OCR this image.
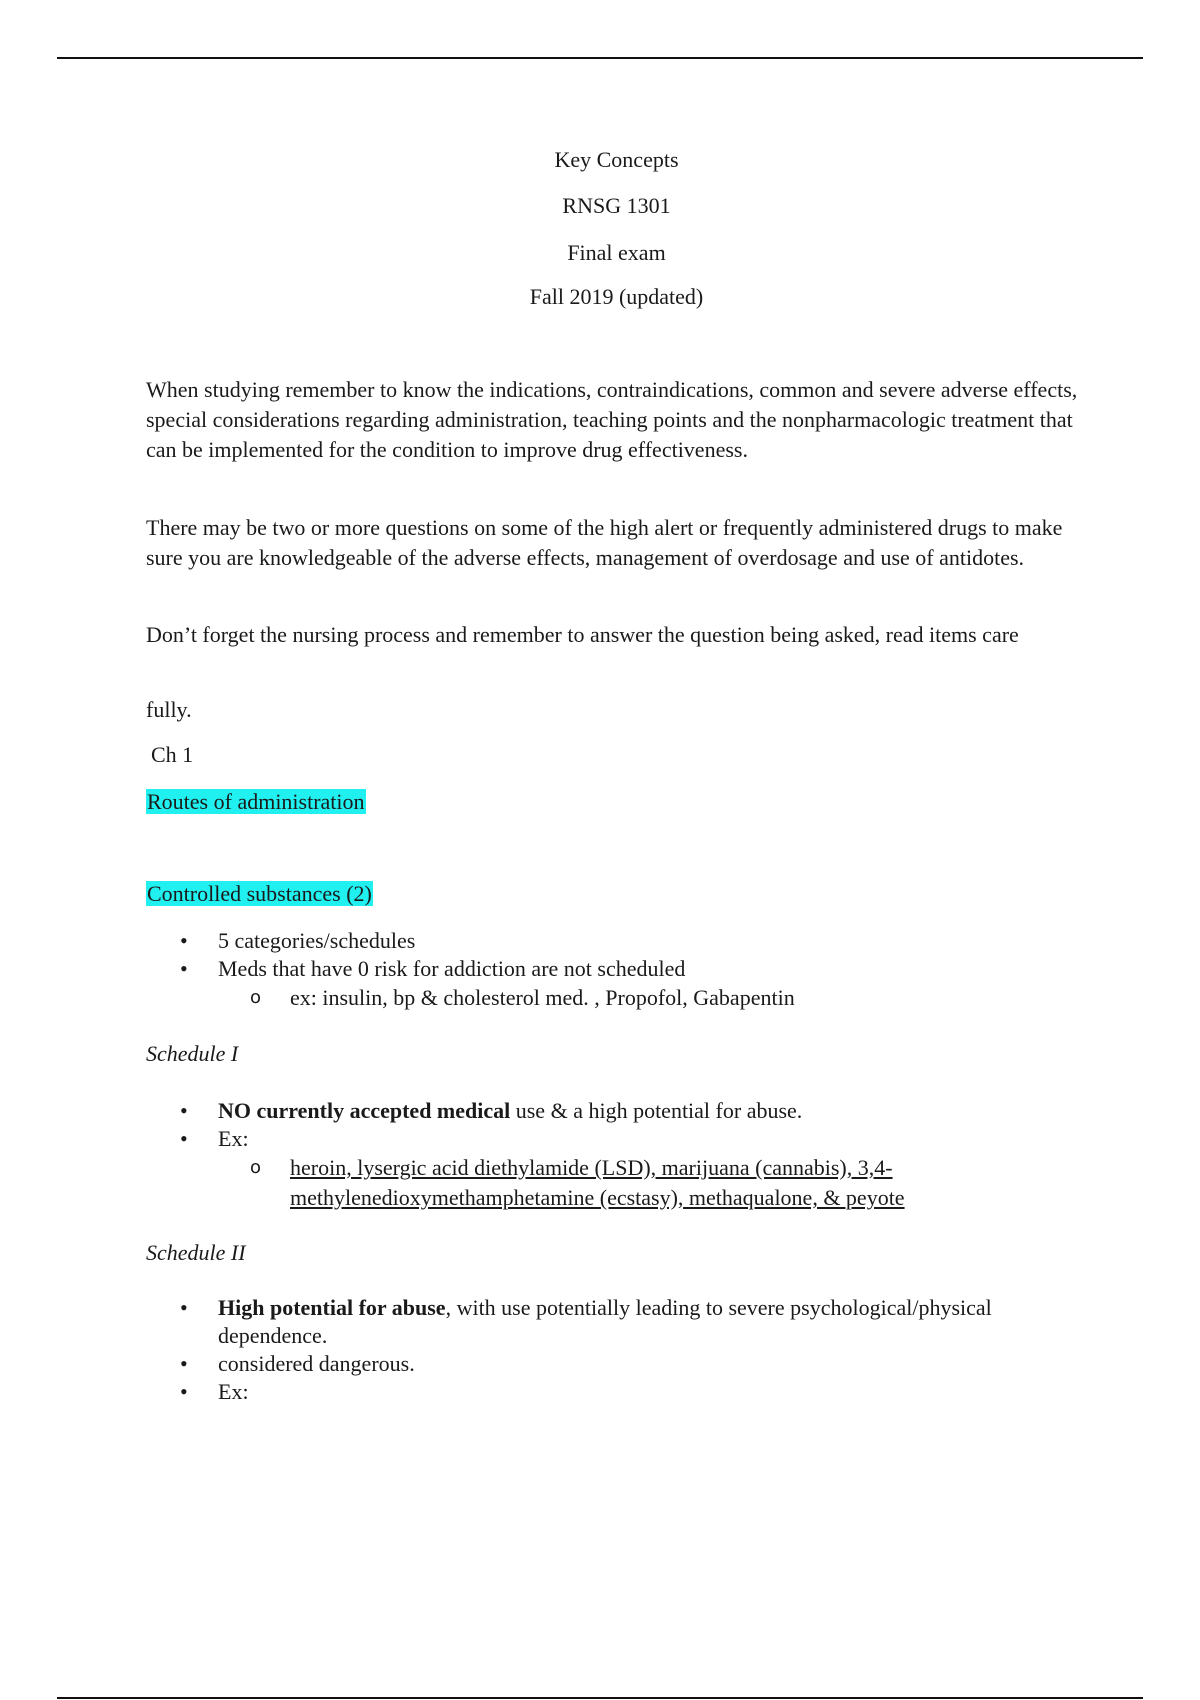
Key Concepts
RNSG 1301
Final exam
Fall 2019 (updated)

When studying remember to know the indications, contraindications, common and severe adverse effects, special considerations regarding administration, teaching points and the nonpharmacologic treatment that can be implemented for the condition to improve drug effectiveness.

There may be two or more questions on some of the high alert or frequently administered drugs to make sure you are knowledgeable of the adverse effects, management of overdosage and use of antidotes.

Don’t forget the nursing process and remember to answer the question being asked, read items care

fully.

Ch 1

Routes of administration

Controlled substances (2)

• 5 categories/schedules
• Meds that have 0 risk for addiction are not scheduled
o ex: insulin, bp & cholesterol med. , Propofol, Gabapentin

Schedule I

• NO currently accepted medical use & a high potential for abuse.
• Ex:
o heroin, lysergic acid diethylamide (LSD), marijuana (cannabis), 3,4-methylenedioxymethamphetamine (ecstasy), methaqualone, & peyote

Schedule II

• High potential for abuse, with use potentially leading to severe psychological/physical dependence.
• considered dangerous.
• Ex:
